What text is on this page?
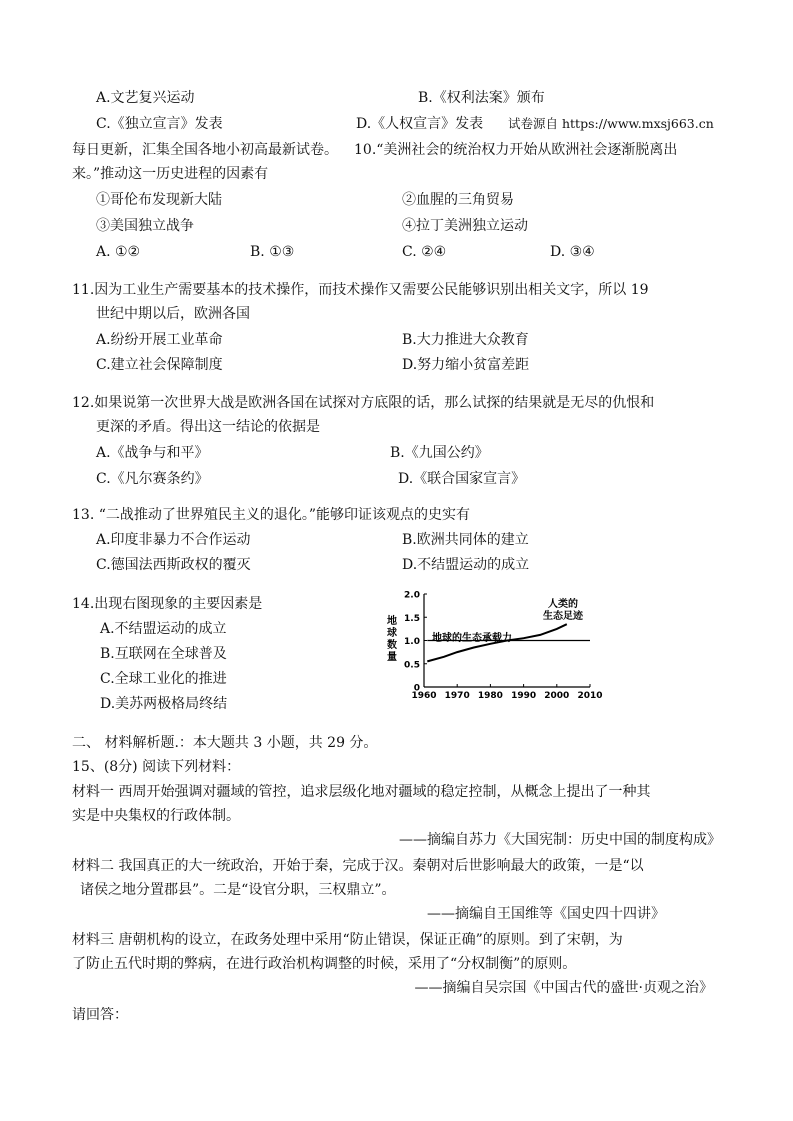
A.文艺复兴运动	B.《权利法案》颁布
C.《独立宣言》发表	D.《人权宣言》发表 试卷源自 https://www.mxsj663.cn
每日更新，汇集全国各地小初高最新试卷。 10.“美洲社会的统治权力开始从欧洲社会逐渐脱离出
来。”推动这一历史进程的因素有
①哥伦布发现新大陆	②血腥的三角贸易
③美国独立战争	④拉丁美洲独立运动
A. ①②	B. ①③	C. ②④	D. ③④
11.因为工业生产需要基本的技术操作，而技术操作又需要公民能够识别出相关文字，所以 19
世纪中期以后，欧洲各国
A.纷纷开展工业革命	B.大力推进大众教育
C.建立社会保障制度	D.努力缩小贫富差距
12.如果说第一次世界大战是欧洲各国在试探对方底限的话，那么试探的结果就是无尽的仇恨和
更深的矛盾。得出这一结论的依据是
A.《战争与和平》	B.《九国公约》
C.《凡尔赛条约》	D.《联合国家宣言》
13. “二战推动了世界殖民主义的退化。”能够印证该观点的史实有
A.印度非暴力不合作运动	B.欧洲共同体的建立
C.德国法西斯政权的覆灭	D.不结盟运动的成立
14.出现右图现象的主要因素是
A.不结盟运动的成立
B.互联网在全球普及
C.全球工业化的推进
D.美苏两极格局终结
地
球
数
量
0
0.5
1.0
1.5
2.0
1960 1970 1980 1990 2000 2010
人类的
生态足迹
地球的生态承载力
二、 材料解析题.：本大题共 3 小题，共 29 分。
15、(8分) 阅读下列材料：
材料一 西周开始强调对疆域的管控，追求层级化地对疆域的稳定控制，从概念上提出了一种其
实是中央集权的行政体制。
——摘编自苏力《大国宪制：历史中国的制度构成》
材料二 我国真正的大一统政治，开始于秦，完成于汉。秦朝对后世影响最大的政策，一是“以
诸侯之地分置郡县”。二是“设官分职，三权鼎立”。
——摘编自王国维等《国史四十四讲》
材料三 唐朝机构的设立，在政务处理中采用“防止错误，保证正确”的原则。到了宋朝，为
了防止五代时期的弊病，在进行政治机构调整的时候，采用了“分权制衡”的原则。
——摘编自吴宗国《中国古代的盛世·贞观之治》
请回答：
